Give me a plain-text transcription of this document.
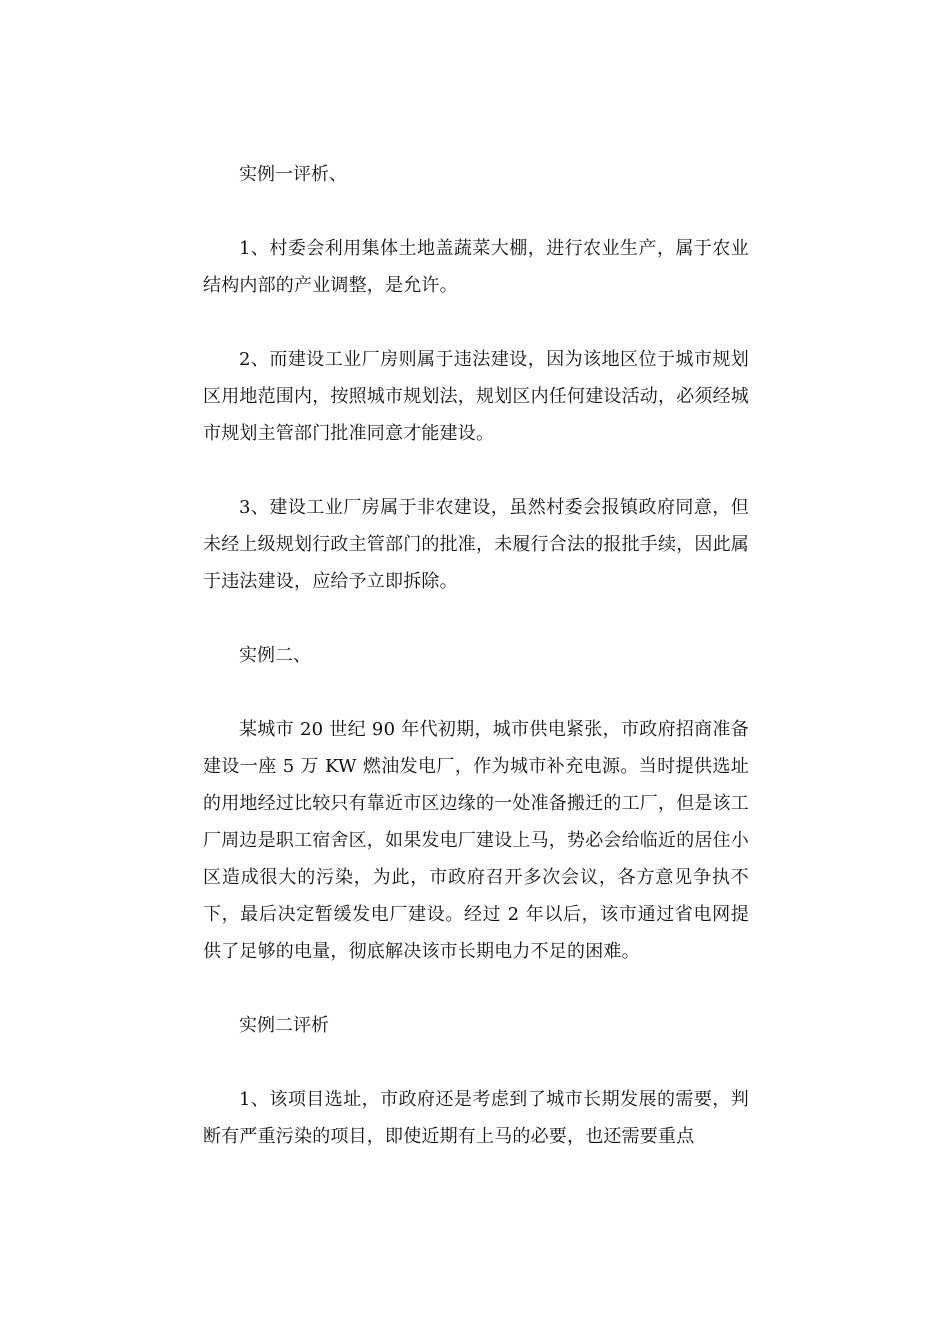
实例一评析、

1、村委会利用集体土地盖蔬菜大棚，进行农业生产，属于农业结构内部的产业调整，是允许。

2、而建设工业厂房则属于违法建设，因为该地区位于城市规划区用地范围内，按照城市规划法，规划区内任何建设活动，必须经城市规划主管部门批准同意才能建设。

3、建设工业厂房属于非农建设，虽然村委会报镇政府同意，但未经上级规划行政主管部门的批准，未履行合法的报批手续，因此属于违法建设，应给予立即拆除。

实例二、

某城市 20 世纪 90 年代初期，城市供电紧张，市政府招商准备建设一座 5 万 KW 燃油发电厂，作为城市补充电源。当时提供选址的用地经过比较只有靠近市区边缘的一处准备搬迁的工厂，但是该工厂周边是职工宿舍区，如果发电厂建设上马，势必会给临近的居住小区造成很大的污染，为此，市政府召开多次会议，各方意见争执不下，最后决定暂缓发电厂建设。经过 2 年以后，该市通过省电网提供了足够的电量，彻底解决该市长期电力不足的困难。

实例二评析

1、该项目选址，市政府还是考虑到了城市长期发展的需要，判断有严重污染的项目，即使近期有上马的必要，也还需要重点
